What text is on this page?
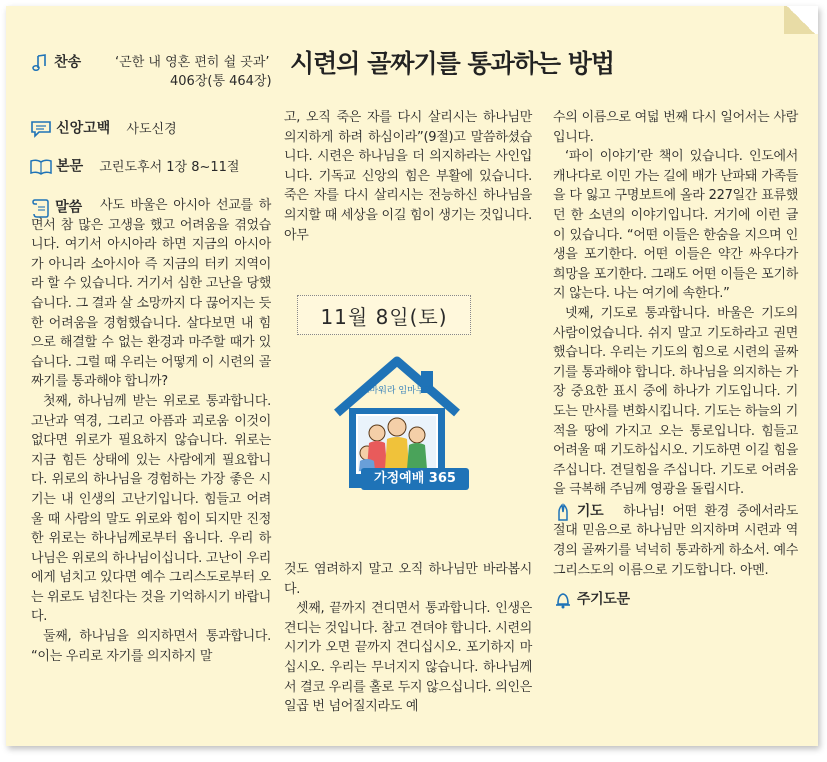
찬송	‘곤한 내 영혼 편히 쉴 곳과’
406장(통 464장)
신앙고백 사도신경
본문 고린도후서 1장 8~11절
시련의 골짜기를 통과하는 방법
말씀	사도 바울은 아시아 선교를 하면서 참 많은 고생을 했고 어려움을 겪었습니다. 여기서 아시아라 하면 지금의 아시아가 아니라 소아시아 즉 지금의 터키 지역이라 할 수 있습니다. 거기서 심한 고난을 당했습니다. 그 결과 살 소망까지 다 끊어지는 듯한 어려움을 경험했습니다. 살다보면 내 힘으로 해결할 수 없는 환경과 마주할 때가 있습니다. 그럴 때 우리는 어떻게 이 시련의 골짜기를 통과해야 합니까?

첫째, 하나님께 받는 위로로 통과합니다. 고난과 역경, 그리고 아픔과 괴로움 이것이 없다면 위로가 필요하지 않습니다. 위로는 지금 힘든 상태에 있는 사람에게 필요합니다. 위로의 하나님을 경험하는 가장 좋은 시기는 내 인생의 고난기입니다. 힘들고 어려울 때 사람의 말도 위로와 힘이 되지만 진정한 위로는 하나님께로부터 옵니다. 우리 하나님은 위로의 하나님이십니다. 고난이 우리에게 넘치고 있다면 예수 그리스도로부터 오는 위로도 넘친다는 것을 기억하시기 바랍니다.

둘째, 하나님을 의지하면서 통과합니다. “이는 우리로 자기를 의지하지 말

고, 오직 죽은 자를 다시 살리시는 하나님만 의지하게 하려 하심이라”(9절)고 말씀하셨습니다. 시련은 하나님을 더 의지하라는 사인입니다. 기독교 신앙의 힘은 부활에 있습니다. 죽은 자를 다시 살리시는 전능하신 하나님을 의지할 때 세상을 이길 힘이 생기는 것입니다. 아무

11월 8일(토)
고마워라 임마누엘
가정예배 365

것도 염려하지 말고 오직 하나님만 바라봅시다.

셋째, 끝까지 견디면서 통과합니다. 인생은 견디는 것입니다. 참고 견뎌야 합니다. 시련의 시기가 오면 끝까지 견디십시오. 포기하지 마십시오. 우리는 무너지지 않습니다. 하나님께서 결코 우리를 홀로 두지 않으십니다. 의인은 일곱 번 넘어질지라도 예

수의 이름으로 여덟 번째 다시 일어서는 사람입니다.

‘파이 이야기’란 책이 있습니다. 인도에서 캐나다로 이민 가는 길에 배가 난파돼 가족들을 다 잃고 구명보트에 올라 227일간 표류했던 한 소년의 이야기입니다. 거기에 이런 글이 있습니다. “어떤 이들은 한숨을 지으며 인생을 포기한다. 어떤 이들은 약간 싸우다가 희망을 포기한다. 그래도 어떤 이들은 포기하지 않는다. 나는 여기에 속한다.”

넷째, 기도로 통과합니다. 바울은 기도의 사람이었습니다. 쉬지 말고 기도하라고 권면했습니다. 우리는 기도의 힘으로 시련의 골짜기를 통과해야 합니다. 하나님을 의지하는 가장 중요한 표시 중에 하나가 기도입니다. 기도는 만사를 변화시킵니다. 기도는 하늘의 기적을 땅에 가지고 오는 통로입니다. 힘들고 어려울 때 기도하십시오. 기도하면 이길 힘을 주십니다. 견딜힘을 주십니다. 기도로 어려움을 극복해 주님께 영광을 돌립시다.

기도	하나님! 어떤 환경 중에서라도 절대 믿음으로 하나님만 의지하며 시련과 역경의 골짜기를 넉넉히 통과하게 하소서. 예수 그리스도의 이름으로 기도합니다. 아멘.

주기도문
